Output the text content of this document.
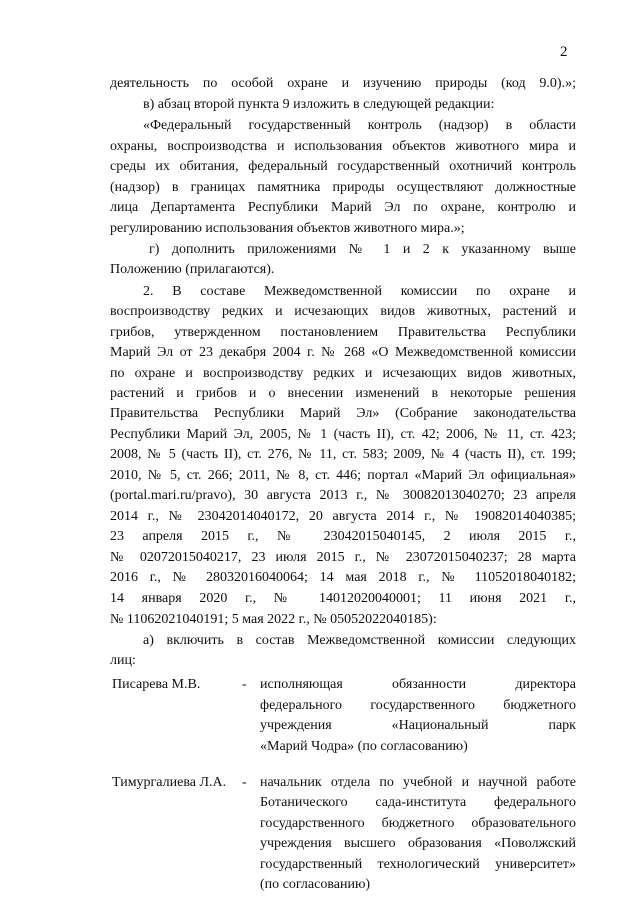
2
деятельность по особой охране и изучению природы (код 9.0).»;
в) абзац второй пункта 9 изложить в следующей редакции:
«Федеральный государственный контроль (надзор) в области
охраны, воспроизводства и использования объектов животного мира и
среды их обитания, федеральный государственный охотничий контроль
(надзор) в границах памятника природы осуществляют должностные
лица Департамента Республики Марий Эл по охране, контролю и
регулированию использования объектов животного мира.»;
г) дополнить приложениями № 1 и 2 к указанному выше
Положению (прилагаются).
2. В составе Межведомственной комиссии по охране и
воспроизводству редких и исчезающих видов животных, растений и
грибов, утвержденном постановлением Правительства Республики
Марий Эл от 23 декабря 2004 г. № 268 «О Межведомственной комиссии
по охране и воспроизводству редких и исчезающих видов животных,
растений и грибов и о внесении изменений в некоторые решения
Правительства Республики Марий Эл» (Собрание законодательства
Республики Марий Эл, 2005, № 1 (часть II), ст. 42; 2006, № 11, ст. 423;
2008, № 5 (часть II), ст. 276, № 11, ст. 583; 2009, № 4 (часть II), ст. 199;
2010, № 5, ст. 266; 2011, № 8, ст. 446; портал «Марий Эл официальная»
(portal.mari.ru/pravo), 30 августа 2013 г., № 30082013040270; 23 апреля
2014 г., № 23042014040172, 20 августа 2014 г., № 19082014040385;
23 апреля 2015 г., № 23042015040145, 2 июля 2015 г.,
№ 02072015040217, 23 июля 2015 г., № 23072015040237; 28 марта
2016 г., № 28032016040064; 14 мая 2018 г., № 11052018040182;
14 января 2020 г., № 14012020040001; 11 июня 2021 г.,
№ 11062021040191; 5 мая 2022 г., № 05052022040185):
а) включить в состав Межведомственной комиссии следующих
лиц:
Писарева М.В.	- исполняющая обязанности директора
федерального государственного бюджетного
учреждения «Национальный парк
«Марий Чодра» (по согласованию)
Тимургалиева Л.А. - начальник отдела по учебной и научной работе
Ботанического сада-института федерального
государственного бюджетного образовательного
учреждения высшего образования «Поволжский
государственный технологический университет»
(по согласованию)
